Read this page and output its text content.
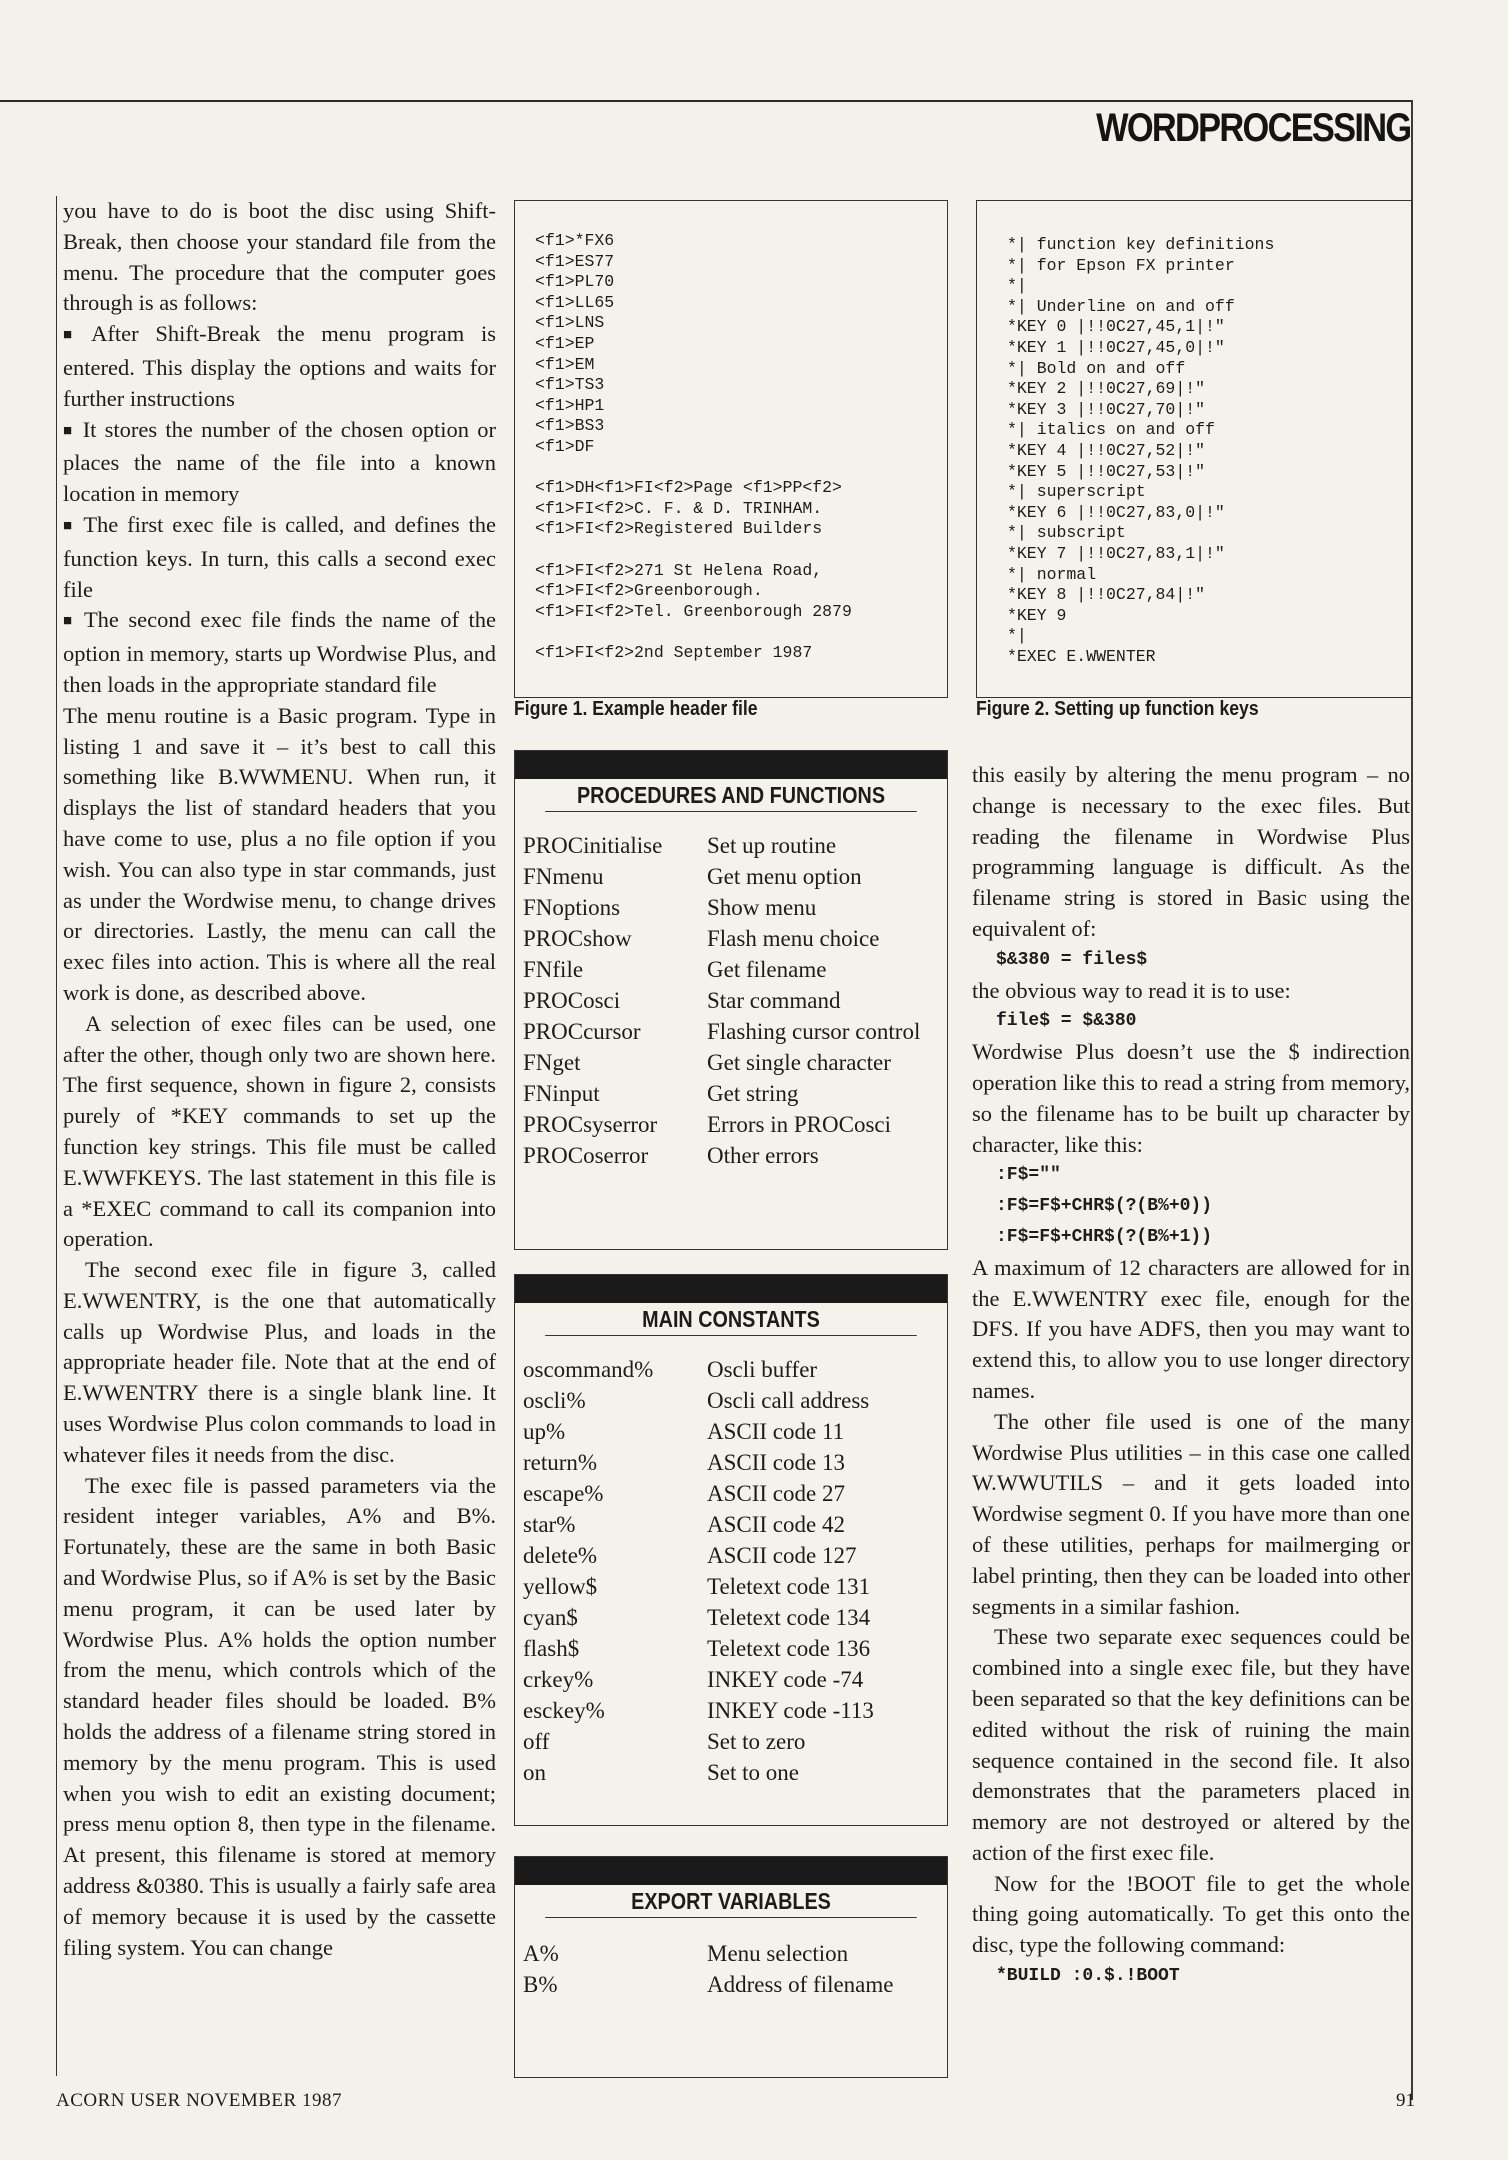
WORDPROCESSING

you have to do is boot the disc using Shift-Break, then choose your standard file from the menu. The procedure that the computer goes through is as follows:

■ After Shift-Break the menu program is entered. This display the options and waits for further instructions

■ It stores the number of the chosen option or places the name of the file into a known location in memory

■ The first exec file is called, and defines the function keys. In turn, this calls a second exec file

■ The second exec file finds the name of the option in memory, starts up Wordwise Plus, and then loads in the appropriate standard file

The menu routine is a Basic program. Type in listing 1 and save it – it’s best to call this something like B.WWMENU. When run, it displays the list of standard headers that you have come to use, plus a no file option if you wish. You can also type in star commands, just as under the Wordwise menu, to change drives or directories. Lastly, the menu can call the exec files into action. This is where all the real work is done, as described above.

A selection of exec files can be used, one after the other, though only two are shown here. The first sequence, shown in figure 2, consists purely of *KEY commands to set up the function key strings. This file must be called E.WWFKEYS. The last statement in this file is a *EXEC command to call its companion into operation.

The second exec file in figure 3, called E.WWENTRY, is the one that automatically calls up Wordwise Plus, and loads in the appropriate header file. Note that at the end of E.WWENTRY there is a single blank line. It uses Wordwise Plus colon commands to load in whatever files it needs from the disc.

The exec file is passed parameters via the resident integer variables, A% and B%. Fortunately, these are the same in both Basic and Wordwise Plus, so if A% is set by the Basic menu program, it can be used later by Wordwise Plus. A% holds the option number from the menu, which controls which of the standard header files should be loaded. B% holds the address of a filename string stored in memory by the menu program. This is used when you wish to edit an existing document; press menu option 8, then type in the filename. At present, this filename is stored at memory address &0380. This is usually a fairly safe area of memory because it is used by the cassette filing system. You can change

<f1>*FX6
<f1>ES77
<f1>PL70
<f1>LL65
<f1>LNS
<f1>EP
<f1>EM
<f1>TS3
<f1>HP1
<f1>BS3
<f1>DF

<f1>DH<f1>FI<f2>Page <f1>PP<f2>
<f1>FI<f2>C. F. & D. TRINHAM.
<f1>FI<f2>Registered Builders

<f1>FI<f2>271 St Helena Road,
<f1>FI<f2>Greenborough.
<f1>FI<f2>Tel. Greenborough 2879

<f1>FI<f2>2nd September 1987
Figure 1. Example header file
*| function key definitions
*| for Epson FX printer
*|
*| Underline on and off
*KEY 0 |!!0C27,45,1|!"
*KEY 1 |!!0C27,45,0|!"
*| Bold on and off
*KEY 2 |!!0C27,69|!"
*KEY 3 |!!0C27,70|!"
*| italics on and off
*KEY 4 |!!0C27,52|!"
*KEY 5 |!!0C27,53|!"
*| superscript
*KEY 6 |!!0C27,83,0|!"
*| subscript
*KEY 7 |!!0C27,83,1|!"
*| normal
*KEY 8 |!!0C27,84|!"
*KEY 9
*|
*EXEC E.WWENTER
Figure 2. Setting up function keys
PROCEDURES AND FUNCTIONS
PROCinitialise	Set up routine
FNmenu	Get menu option
FNoptions	Show menu
PROCshow	Flash menu choice
FNfile	Get filename
PROCosci	Star command
PROCcursor	Flashing cursor control
FNget	Get single character
FNinput	Get string
PROCsyserror	Errors in PROCosci
PROCoserror	Other errors
MAIN CONSTANTS
oscommand%	Oscli buffer
oscli%	Oscli call address
up%	ASCII code 11
return%	ASCII code 13
escape%	ASCII code 27
star%	ASCII code 42
delete%	ASCII code 127
yellow$	Teletext code 131
cyan$	Teletext code 134
flash$	Teletext code 136
crkey%	INKEY code -74
esckey%	INKEY code -113
off	Set to zero
on	Set to one
EXPORT VARIABLES
A%	Menu selection
B%	Address of filename

this easily by altering the menu program – no change is necessary to the exec files. But reading the filename in Wordwise Plus programming language is difficult. As the filename string is stored in Basic using the equivalent of:

$&380 = files$

the obvious way to read it is to use:

file$ = $&380

Wordwise Plus doesn’t use the $ indirection operation like this to read a string from memory, so the filename has to be built up character by character, like this:

:F$=""

:F$=F$+CHR$(?(B%+0))

:F$=F$+CHR$(?(B%+1))

A maximum of 12 characters are allowed for in the E.WWENTRY exec file, enough for the DFS. If you have ADFS, then you may want to extend this, to allow you to use longer directory names.

The other file used is one of the many Wordwise Plus utilities – in this case one called W.WWUTILS – and it gets loaded into Wordwise segment 0. If you have more than one of these utilities, perhaps for mailmerging or label printing, then they can be loaded into other segments in a similar fashion.

These two separate exec sequences could be combined into a single exec file, but they have been separated so that the key definitions can be edited without the risk of ruining the main sequence contained in the second file. It also demonstrates that the parameters placed in memory are not destroyed or altered by the action of the first exec file.

Now for the !BOOT file to get the whole thing going automatically. To get this onto the disc, type the following command:

*BUILD :0.$.!BOOT

ACORN USER NOVEMBER 1987	91
